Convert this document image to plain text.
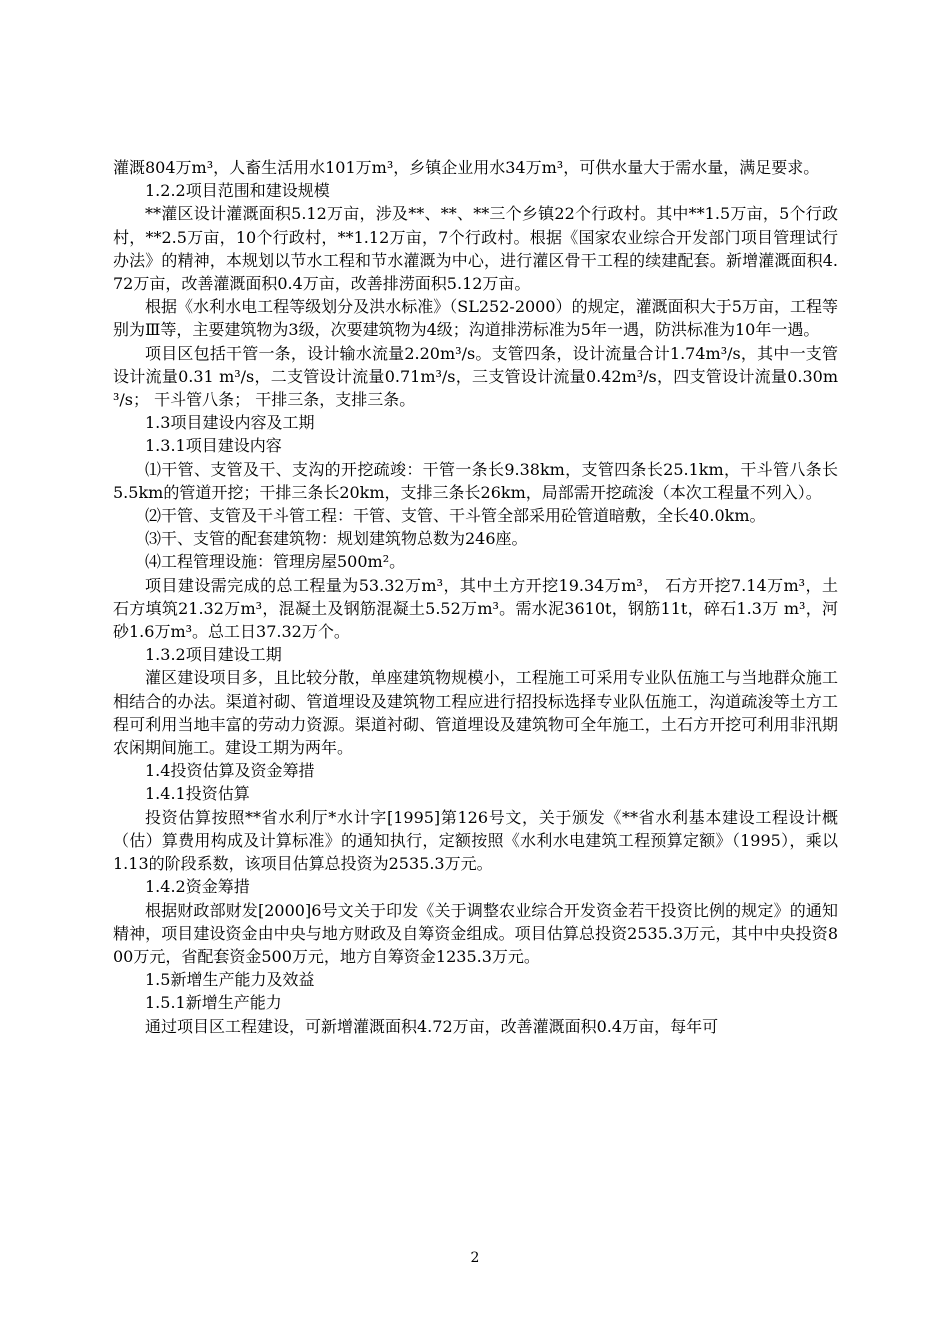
灌溉804万m³，人畜生活用水101万m³，乡镇企业用水34万m³，可供水量大于需水量，满足要求。

1.2.2项目范围和建设规模

**灌区设计灌溉面积5.12万亩，涉及**、**、**三个乡镇22个行政村。其中**1.5万亩，5个行政村，**2.5万亩，10个行政村，**1.12万亩，7个行政村。根据《国家农业综合开发部门项目管理试行办法》的精神，本规划以节水工程和节水灌溉为中心，进行灌区骨干工程的续建配套。新增灌溉面积4.72万亩，改善灌溉面积0.4万亩，改善排涝面积5.12万亩。

根据《水利水电工程等级划分及洪水标准》（SL252-2000）的规定，灌溉面积大于5万亩，工程等别为Ⅲ等，主要建筑物为3级，次要建筑物为4级；沟道排涝标准为5年一遇，防洪标准为10年一遇。

项目区包括干管一条，设计输水流量2.20m³/s。支管四条，设计流量合计1.74m³/s，其中一支管设计流量0.31 m³/s，二支管设计流量0.71m³/s，三支管设计流量0.42m³/s，四支管设计流量0.30m³/s； 干斗管八条； 干排三条，支排三条。

1.3项目建设内容及工期

1.3.1项目建设内容

⑴干管、支管及干、支沟的开挖疏竣：干管一条长9.38km，支管四条长25.1km，干斗管八条长5.5km的管道开挖；干排三条长20km，支排三条长26km，局部需开挖疏浚（本次工程量不列入）。

⑵干管、支管及干斗管工程：干管、支管、干斗管全部采用砼管道暗敷，全长40.0km。

⑶干、支管的配套建筑物：规划建筑物总数为246座。

⑷工程管理设施：管理房屋500m²。

项目建设需完成的总工程量为53.32万m³，其中土方开挖19.34万m³， 石方开挖7.14万m³，土石方填筑21.32万m³，混凝土及钢筋混凝土5.52万m³。需水泥3610t，钢筋11t，碎石1.3万 m³，河砂1.6万m³。总工日37.32万个。

1.3.2项目建设工期

灌区建设项目多，且比较分散，单座建筑物规模小，工程施工可采用专业队伍施工与当地群众施工相结合的办法。渠道衬砌、管道埋设及建筑物工程应进行招投标选择专业队伍施工，沟道疏浚等土方工程可利用当地丰富的劳动力资源。渠道衬砌、管道埋设及建筑物可全年施工，土石方开挖可利用非汛期农闲期间施工。建设工期为两年。

1.4投资估算及资金筹措

1.4.1投资估算

投资估算按照**省水利厅*水计字[1995]第126号文，关于颁发《**省水利基本建设工程设计概（估）算费用构成及计算标准》的通知执行，定额按照《水利水电建筑工程预算定额》（1995），乘以1.13的阶段系数，该项目估算总投资为2535.3万元。

1.4.2资金筹措

根据财政部财发[2000]6号文关于印发《关于调整农业综合开发资金若干投资比例的规定》的通知精神，项目建设资金由中央与地方财政及自筹资金组成。项目估算总投资2535.3万元，其中中央投资800万元，省配套资金500万元，地方自筹资金1235.3万元。

1.5新增生产能力及效益

1.5.1新增生产能力

通过项目区工程建设，可新增灌溉面积4.72万亩，改善灌溉面积0.4万亩，每年可

2
